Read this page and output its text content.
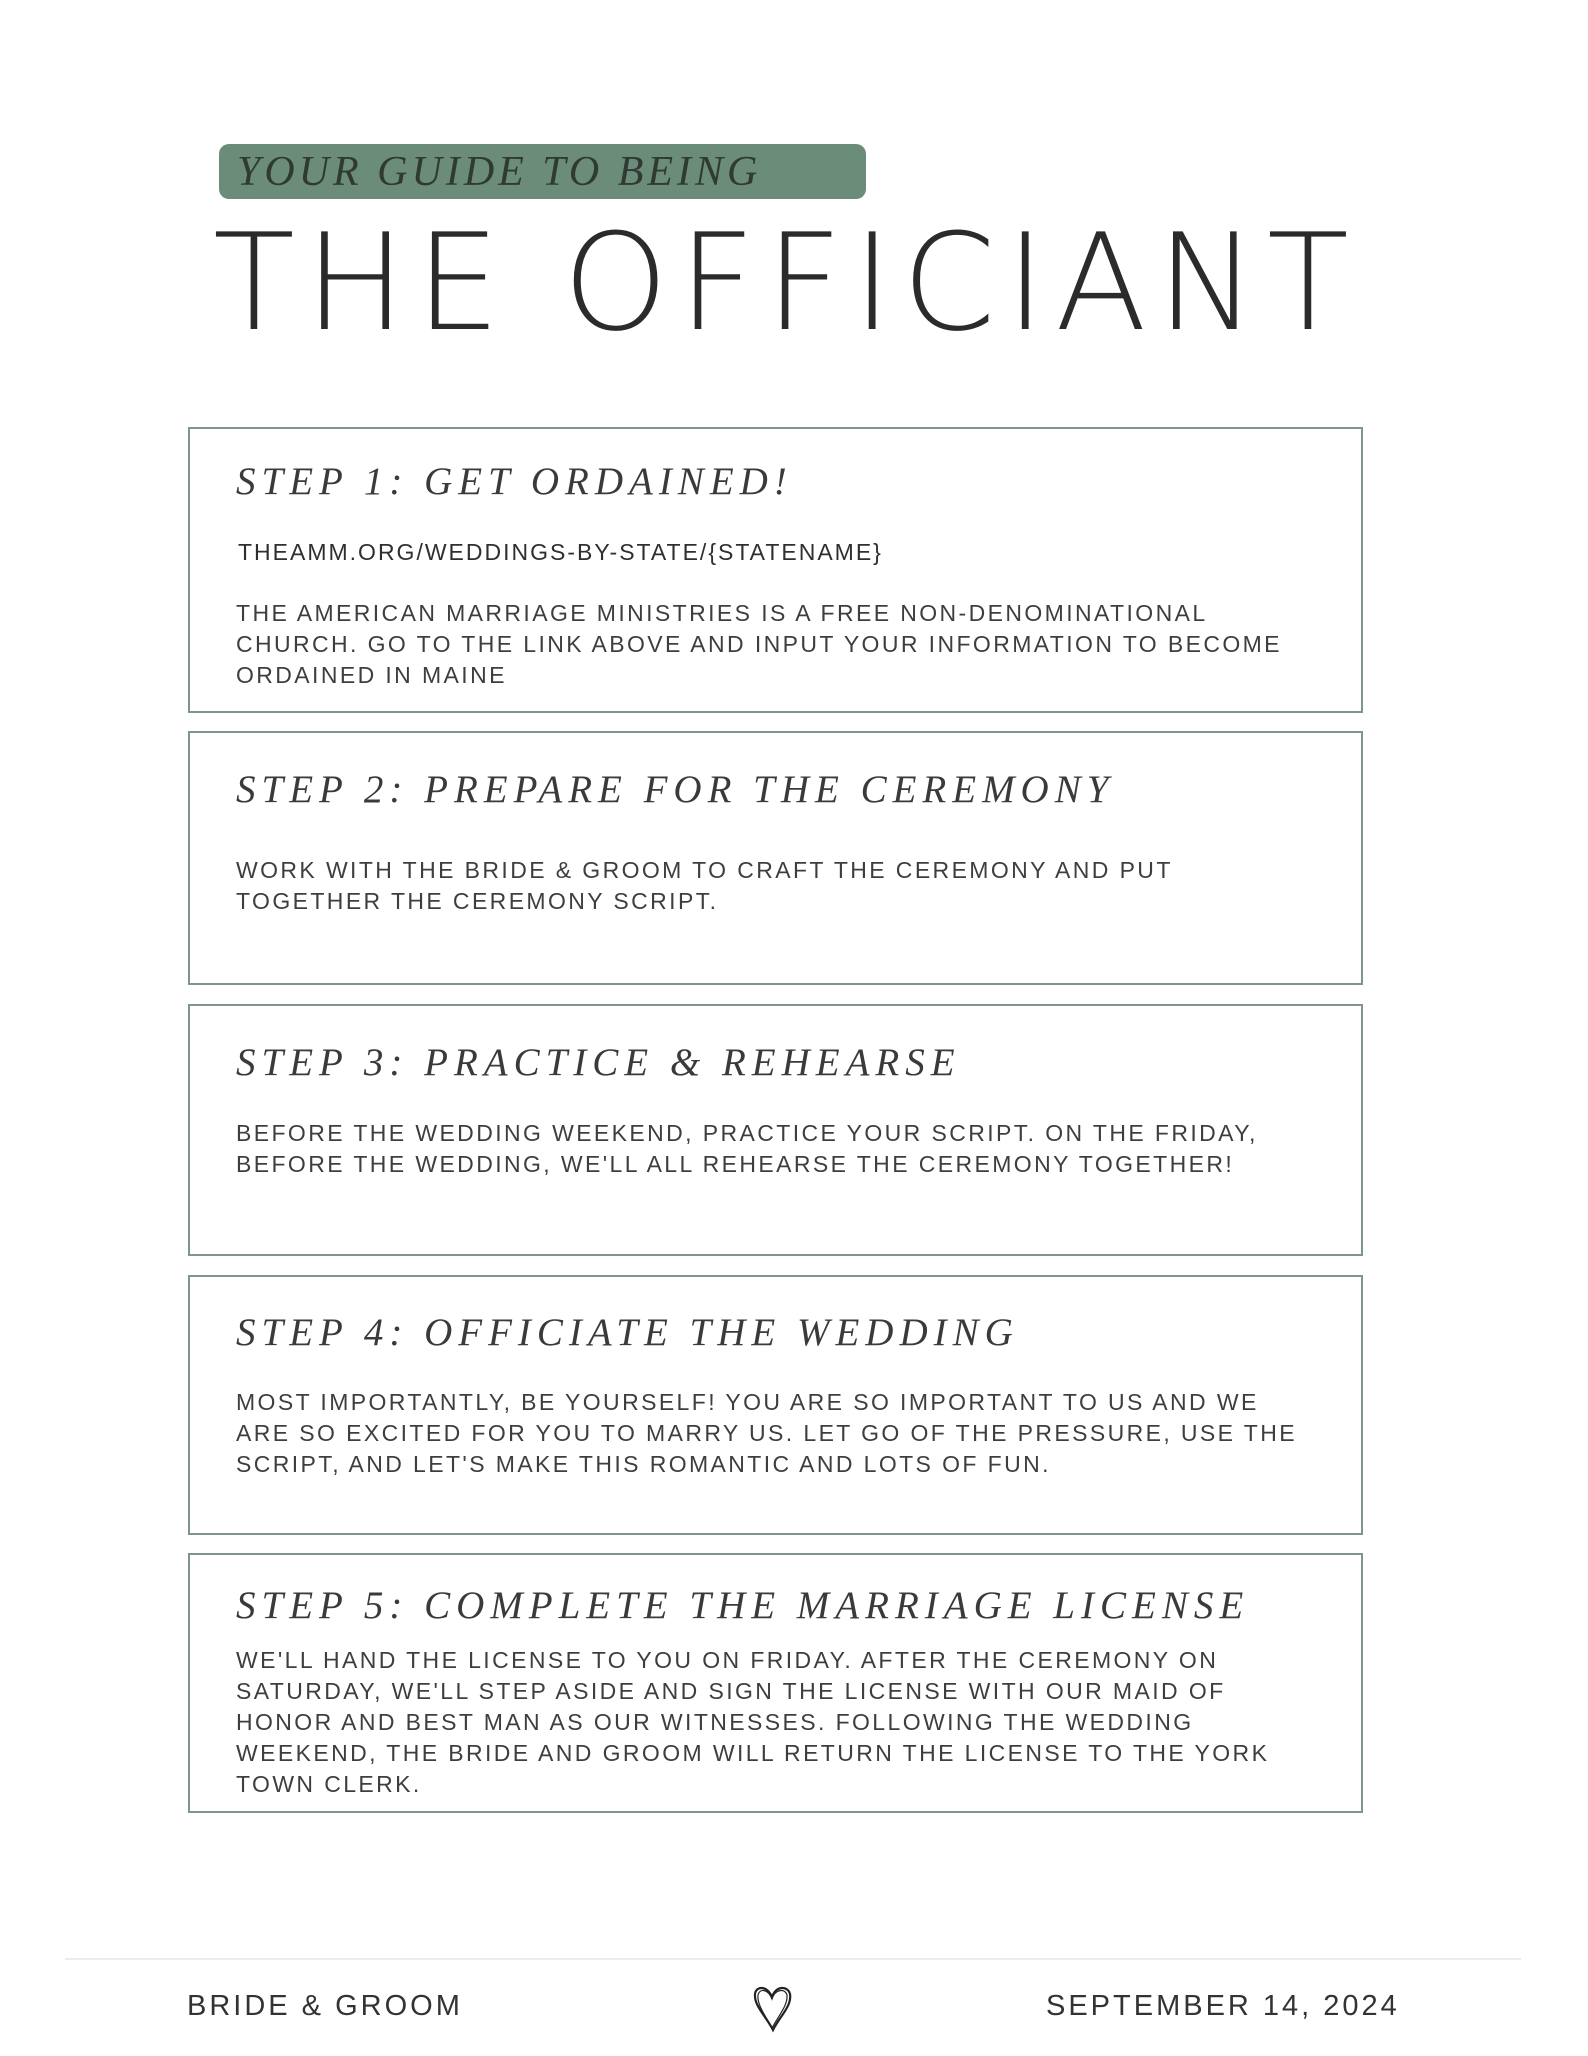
YOUR GUIDE TO BEING
THE OFFICIANT
STEP 1: GET ORDAINED!
THEAMM.ORG/WEDDINGS-BY-STATE/{STATENAME}
THE AMERICAN MARRIAGE MINISTRIES IS A FREE NON-DENOMINATIONAL CHURCH. GO TO THE LINK ABOVE AND INPUT YOUR INFORMATION TO BECOME ORDAINED IN MAINE
STEP 2: PREPARE FOR THE CEREMONY
WORK WITH THE BRIDE & GROOM TO CRAFT THE CEREMONY AND PUT TOGETHER THE CEREMONY SCRIPT.
STEP 3: PRACTICE & REHEARSE
BEFORE THE WEDDING WEEKEND, PRACTICE YOUR SCRIPT. ON THE FRIDAY, BEFORE THE WEDDING, WE'LL ALL REHEARSE THE CEREMONY TOGETHER!
STEP 4: OFFICIATE THE WEDDING
MOST IMPORTANTLY, BE YOURSELF! YOU ARE SO IMPORTANT TO US AND WE ARE SO EXCITED FOR YOU TO MARRY US. LET GO OF THE PRESSURE, USE THE SCRIPT, AND LET'S MAKE THIS ROMANTIC AND LOTS OF FUN.
STEP 5: COMPLETE THE MARRIAGE LICENSE
WE'LL HAND THE LICENSE TO YOU ON FRIDAY. AFTER THE CEREMONY ON SATURDAY, WE'LL STEP ASIDE AND SIGN THE LICENSE WITH OUR MAID OF HONOR AND BEST MAN AS OUR WITNESSES. FOLLOWING THE WEDDING WEEKEND, THE BRIDE AND GROOM WILL RETURN THE LICENSE TO THE YORK TOWN CLERK.
BRIDE & GROOM	SEPTEMBER 14, 2024
